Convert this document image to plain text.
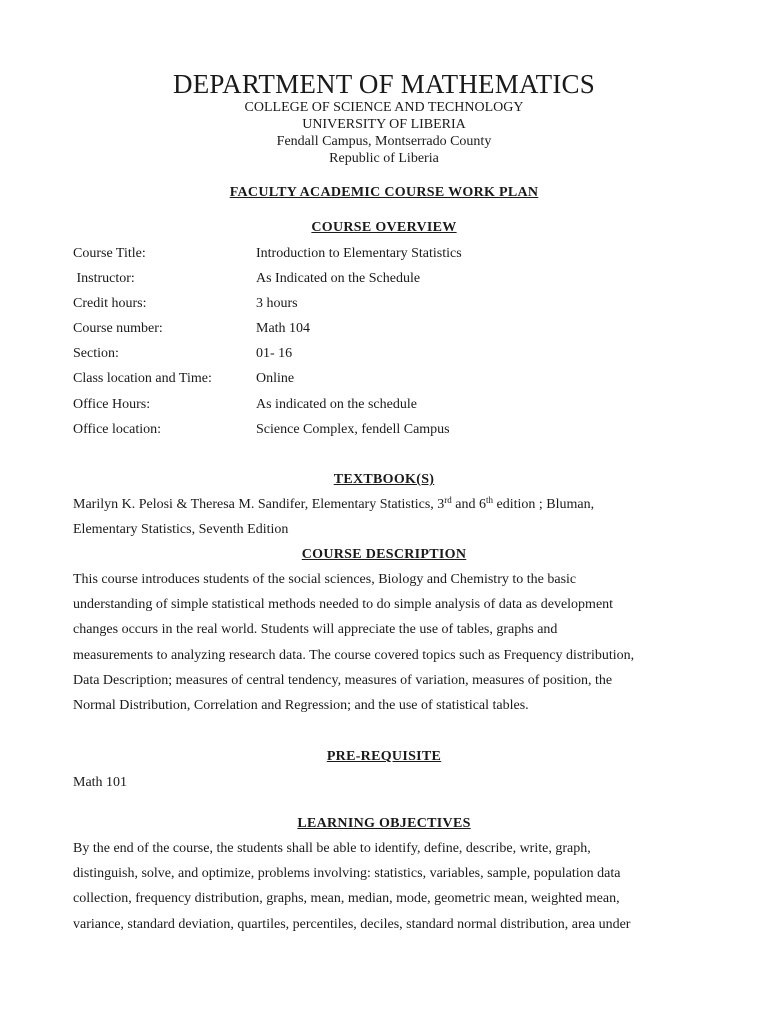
DEPARTMENT OF MATHEMATICS
COLLEGE OF SCIENCE AND TECHNOLOGY
UNIVERSITY OF LIBERIA
Fendall Campus, Montserrado County
Republic of Liberia
FACULTY ACADEMIC COURSE WORK PLAN
COURSE OVERVIEW
Course Title:	Introduction to Elementary Statistics
Instructor:	As Indicated on the Schedule
Credit hours:	3 hours
Course number:	Math 104
Section:	01- 16
Class location and Time:	Online
Office Hours:	As indicated on the schedule
Office location:	Science Complex, fendell Campus
TEXTBOOK(S)
Marilyn K. Pelosi & Theresa M. Sandifer, Elementary Statistics, 3rd and 6th edition ; Bluman,
Elementary Statistics, Seventh Edition
COURSE DESCRIPTION
This course introduces students of the social sciences, Biology and Chemistry to the basic
understanding of simple statistical methods needed to do simple analysis of data as development
changes occurs in the real world. Students will appreciate the use of tables, graphs and
measurements to analyzing research data. The course covered topics such as Frequency distribution,
Data Description; measures of central tendency, measures of variation, measures of position, the
Normal Distribution, Correlation and Regression; and the use of statistical tables.
PRE-REQUISITE
Math 101
LEARNING OBJECTIVES
By the end of the course, the students shall be able to identify, define, describe, write, graph,
distinguish, solve, and optimize, problems involving: statistics, variables, sample, population data
collection, frequency distribution, graphs, mean, median, mode, geometric mean, weighted mean,
variance, standard deviation, quartiles, percentiles, deciles, standard normal distribution, area under
